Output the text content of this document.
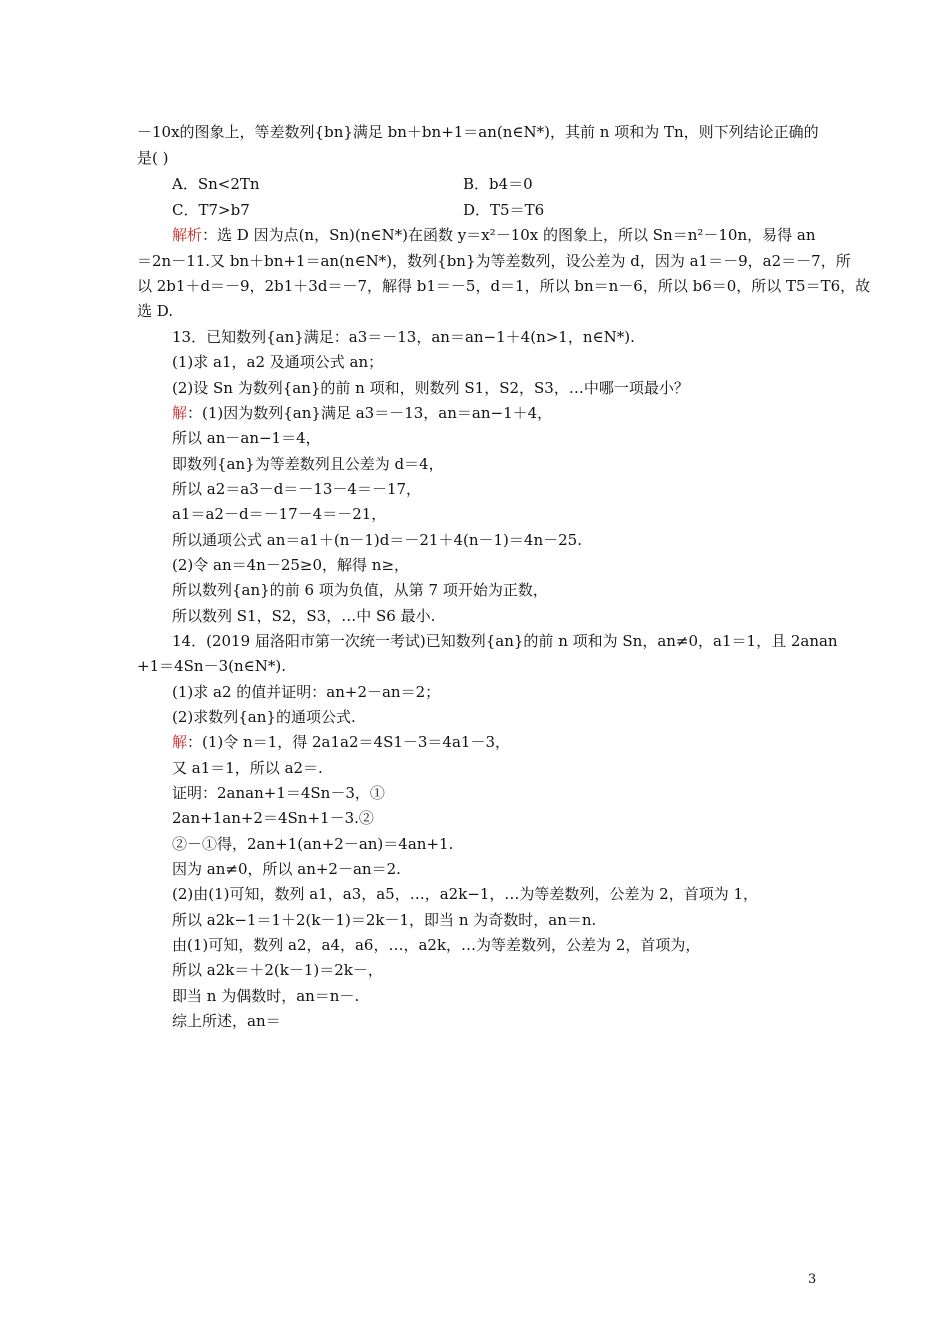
－10x的图象上，等差数列{bn}满足 bn＋bn+1＝an(n∈N*)，其前 n 项和为 Tn，则下列结论正确的
是( )
A．Sn<2Tn	B．b4＝0
C．T7>b7	D．T5＝T6
解析：选 D 因为点(n，Sn)(n∈N*)在函数 y＝x²－10x 的图象上，所以 Sn＝n²－10n，易得 an
＝2n－11.又 bn＋bn+1＝an(n∈N*)，数列{bn}为等差数列，设公差为 d，因为 a1＝－9，a2＝－7，所
以 2b1＋d＝－9，2b1＋3d＝－7，解得 b1＝－5，d＝1，所以 bn＝n－6，所以 b6＝0，所以 T5＝T6，故
选 D.
13．已知数列{an}满足：a3＝－13，an＝an−1＋4(n>1，n∈N*).
(1)求 a1，a2 及通项公式 an；
(2)设 Sn 为数列{an}的前 n 项和，则数列 S1，S2，S3，…中哪一项最小？
解：(1)因为数列{an}满足 a3＝－13，an＝an−1＋4，
所以 an－an−1＝4，
即数列{an}为等差数列且公差为 d＝4，
所以 a2＝a3－d＝－13－4＝－17，
a1＝a2－d＝－17－4＝－21，
所以通项公式 an＝a1＋(n－1)d＝－21＋4(n－1)＝4n－25.
(2)令 an＝4n－25≥0，解得 n≥，
所以数列{an}的前 6 项为负值，从第 7 项开始为正数，
所以数列 S1，S2，S3，…中 S6 最小.
14．(2019 届洛阳市第一次统一考试)已知数列{an}的前 n 项和为 Sn，an≠0，a1＝1，且 2anan
+1＝4Sn－3(n∈N*).
(1)求 a2 的值并证明：an+2－an＝2；
(2)求数列{an}的通项公式.
解：(1)令 n＝1，得 2a1a2＝4S1－3＝4a1－3，
又 a1＝1，所以 a2＝.
证明：2anan+1＝4Sn－3，①
2an+1an+2＝4Sn+1－3.②
②－①得，2an+1(an+2－an)＝4an+1.
因为 an≠0，所以 an+2－an＝2.
(2)由(1)可知，数列 a1，a3，a5，…，a2k−1，…为等差数列，公差为 2，首项为 1，
所以 a2k−1＝1＋2(k－1)＝2k－1，即当 n 为奇数时，an＝n.
由(1)可知，数列 a2，a4，a6，…，a2k，…为等差数列，公差为 2，首项为，
所以 a2k＝＋2(k－1)＝2k－，
即当 n 为偶数时，an＝n－.
综上所述，an＝
3
